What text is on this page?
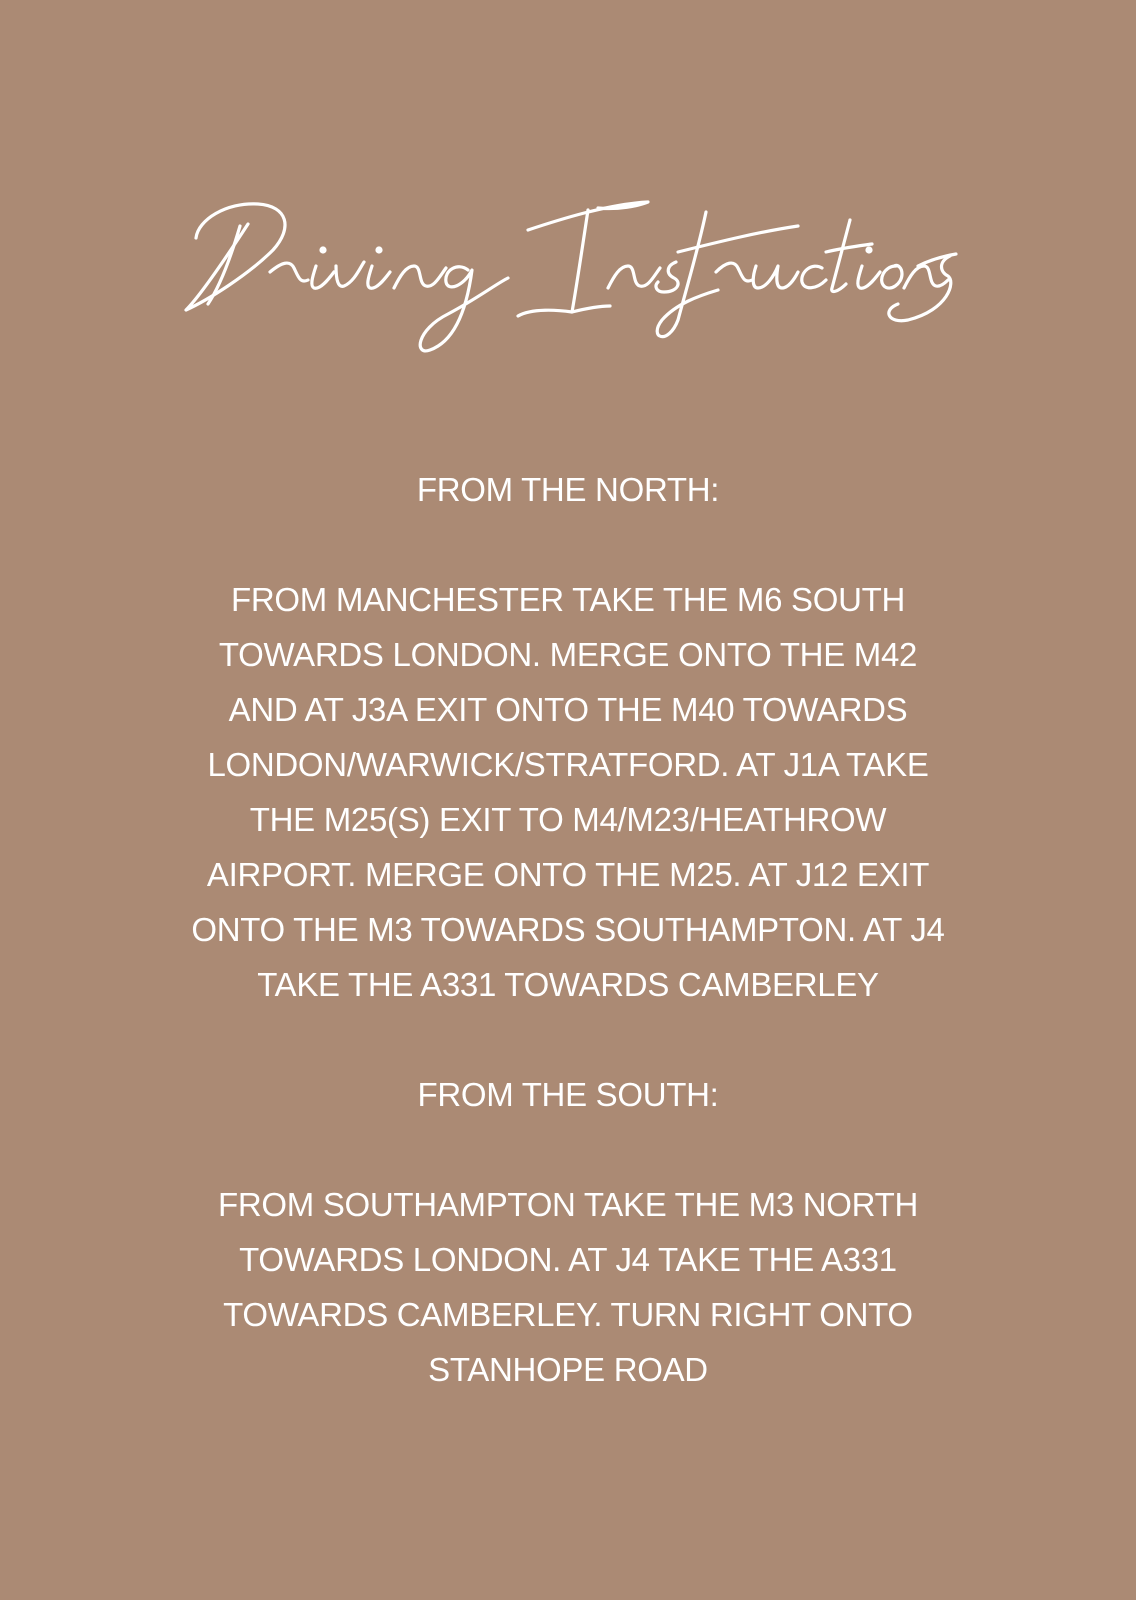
FROM THE NORTH:

FROM MANCHESTER TAKE THE M6 SOUTH
TOWARDS LONDON. MERGE ONTO THE M42
AND AT J3A EXIT ONTO THE M40 TOWARDS
LONDON/WARWICK/STRATFORD. AT J1A TAKE
THE M25(S) EXIT TO M4/M23/HEATHROW
AIRPORT. MERGE ONTO THE M25. AT J12 EXIT
ONTO THE M3 TOWARDS SOUTHAMPTON. AT J4
TAKE THE A331 TOWARDS CAMBERLEY

FROM THE SOUTH:

FROM SOUTHAMPTON TAKE THE M3 NORTH
TOWARDS LONDON. AT J4 TAKE THE A331
TOWARDS CAMBERLEY. TURN RIGHT ONTO
STANHOPE ROAD
